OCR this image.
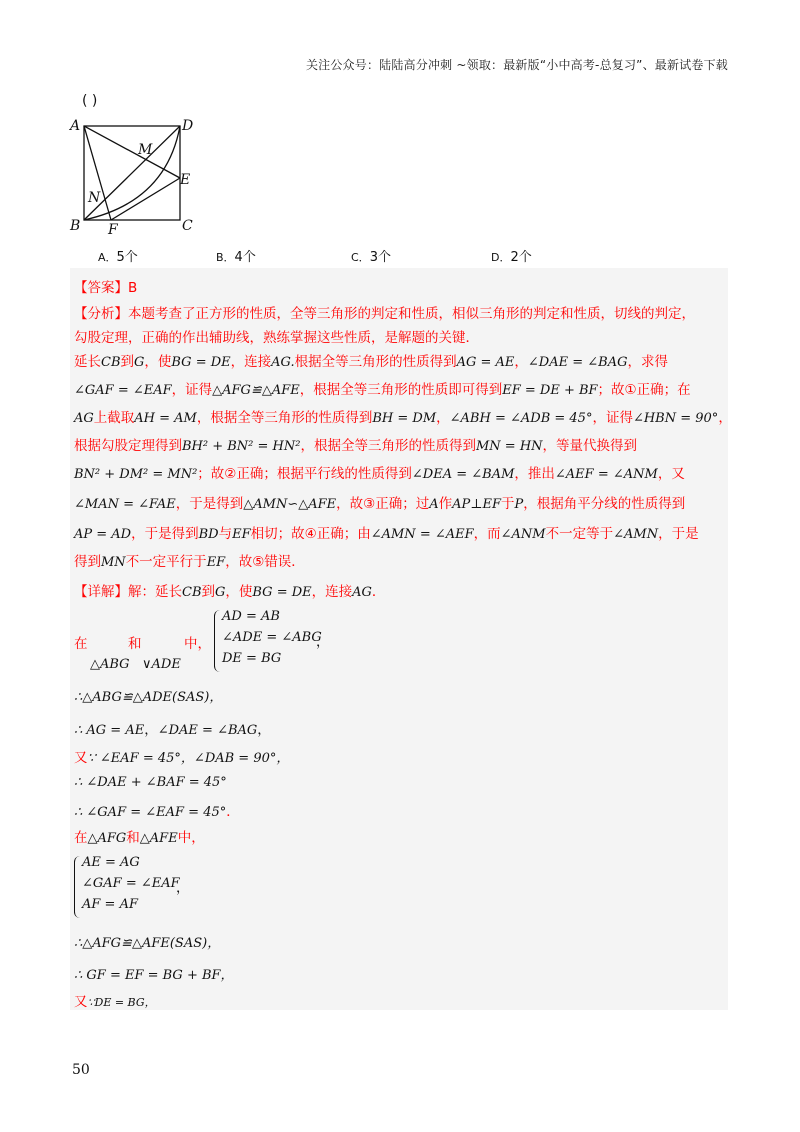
关注公众号：陆陆高分冲刺 ~领取：最新版“小中高考-总复习”、最新试卷下载
( )
A	D
B	C
M
N
E
F
A．5个	B．4个	C．3个	D．2个
【答案】B
【分析】本题考查了正方形的性质，全等三角形的判定和性质，相似三角形的判定和性质，切线的判定，
勾股定理，正确的作出辅助线，熟练掌握这些性质，是解题的关键．
延长CB到G，使BG = DE，连接AG.根据全等三角形的性质得到AG = AE，∠DAE = ∠BAG，求得
∠GAF = ∠EAF，证得△AFG≌△AFE，根据全等三角形的性质即可得到EF = DE + BF；故①正确；在
AG上截取AH = AM，根据全等三角形的性质得到BH = DM，∠ABH = ∠ADB = 45°，证得∠HBN = 90°，
根据勾股定理得到BH² + BN² = HN²，根据全等三角形的性质得到MN = HN，等量代换得到
BN² + DM² = MN²；故②正确；根据平行线的性质得到∠DEA = ∠BAM，推出∠AEF = ∠ANM，又
∠MAN = ∠FAE，于是得到△AMN∽△AFE，故③正确；过A作AP⊥EF于P，根据角平分线的性质得到
AP = AD，于是得到BD与EF相切；故④正确；由∠AMN = ∠AEF，而∠ANM不一定等于∠AMN，于是
得到MN不一定平行于EF，故⑤错误．
【详解】解：延长CB到G，使BG = DE，连接AG．
在	和	中，
△ABG ∨ADE
AD = AB
∠ADE = ∠ABG
DE = BG
，
∴△ABG≌△ADE(SAS)，
∴ AG = AE，∠DAE = ∠BAG，
又∵ ∠EAF = 45°，∠DAB = 90°，
∴ ∠DAE + ∠BAF = 45°
∴ ∠GAF = ∠EAF = 45°．
在△AFG和△AFE中，
AE = AG
∠GAF = ∠EAF
AF = AF
，
∴△AFG≌△AFE(SAS)，
∴ GF = EF = BG + BF，
又∵DE = BG，
50
